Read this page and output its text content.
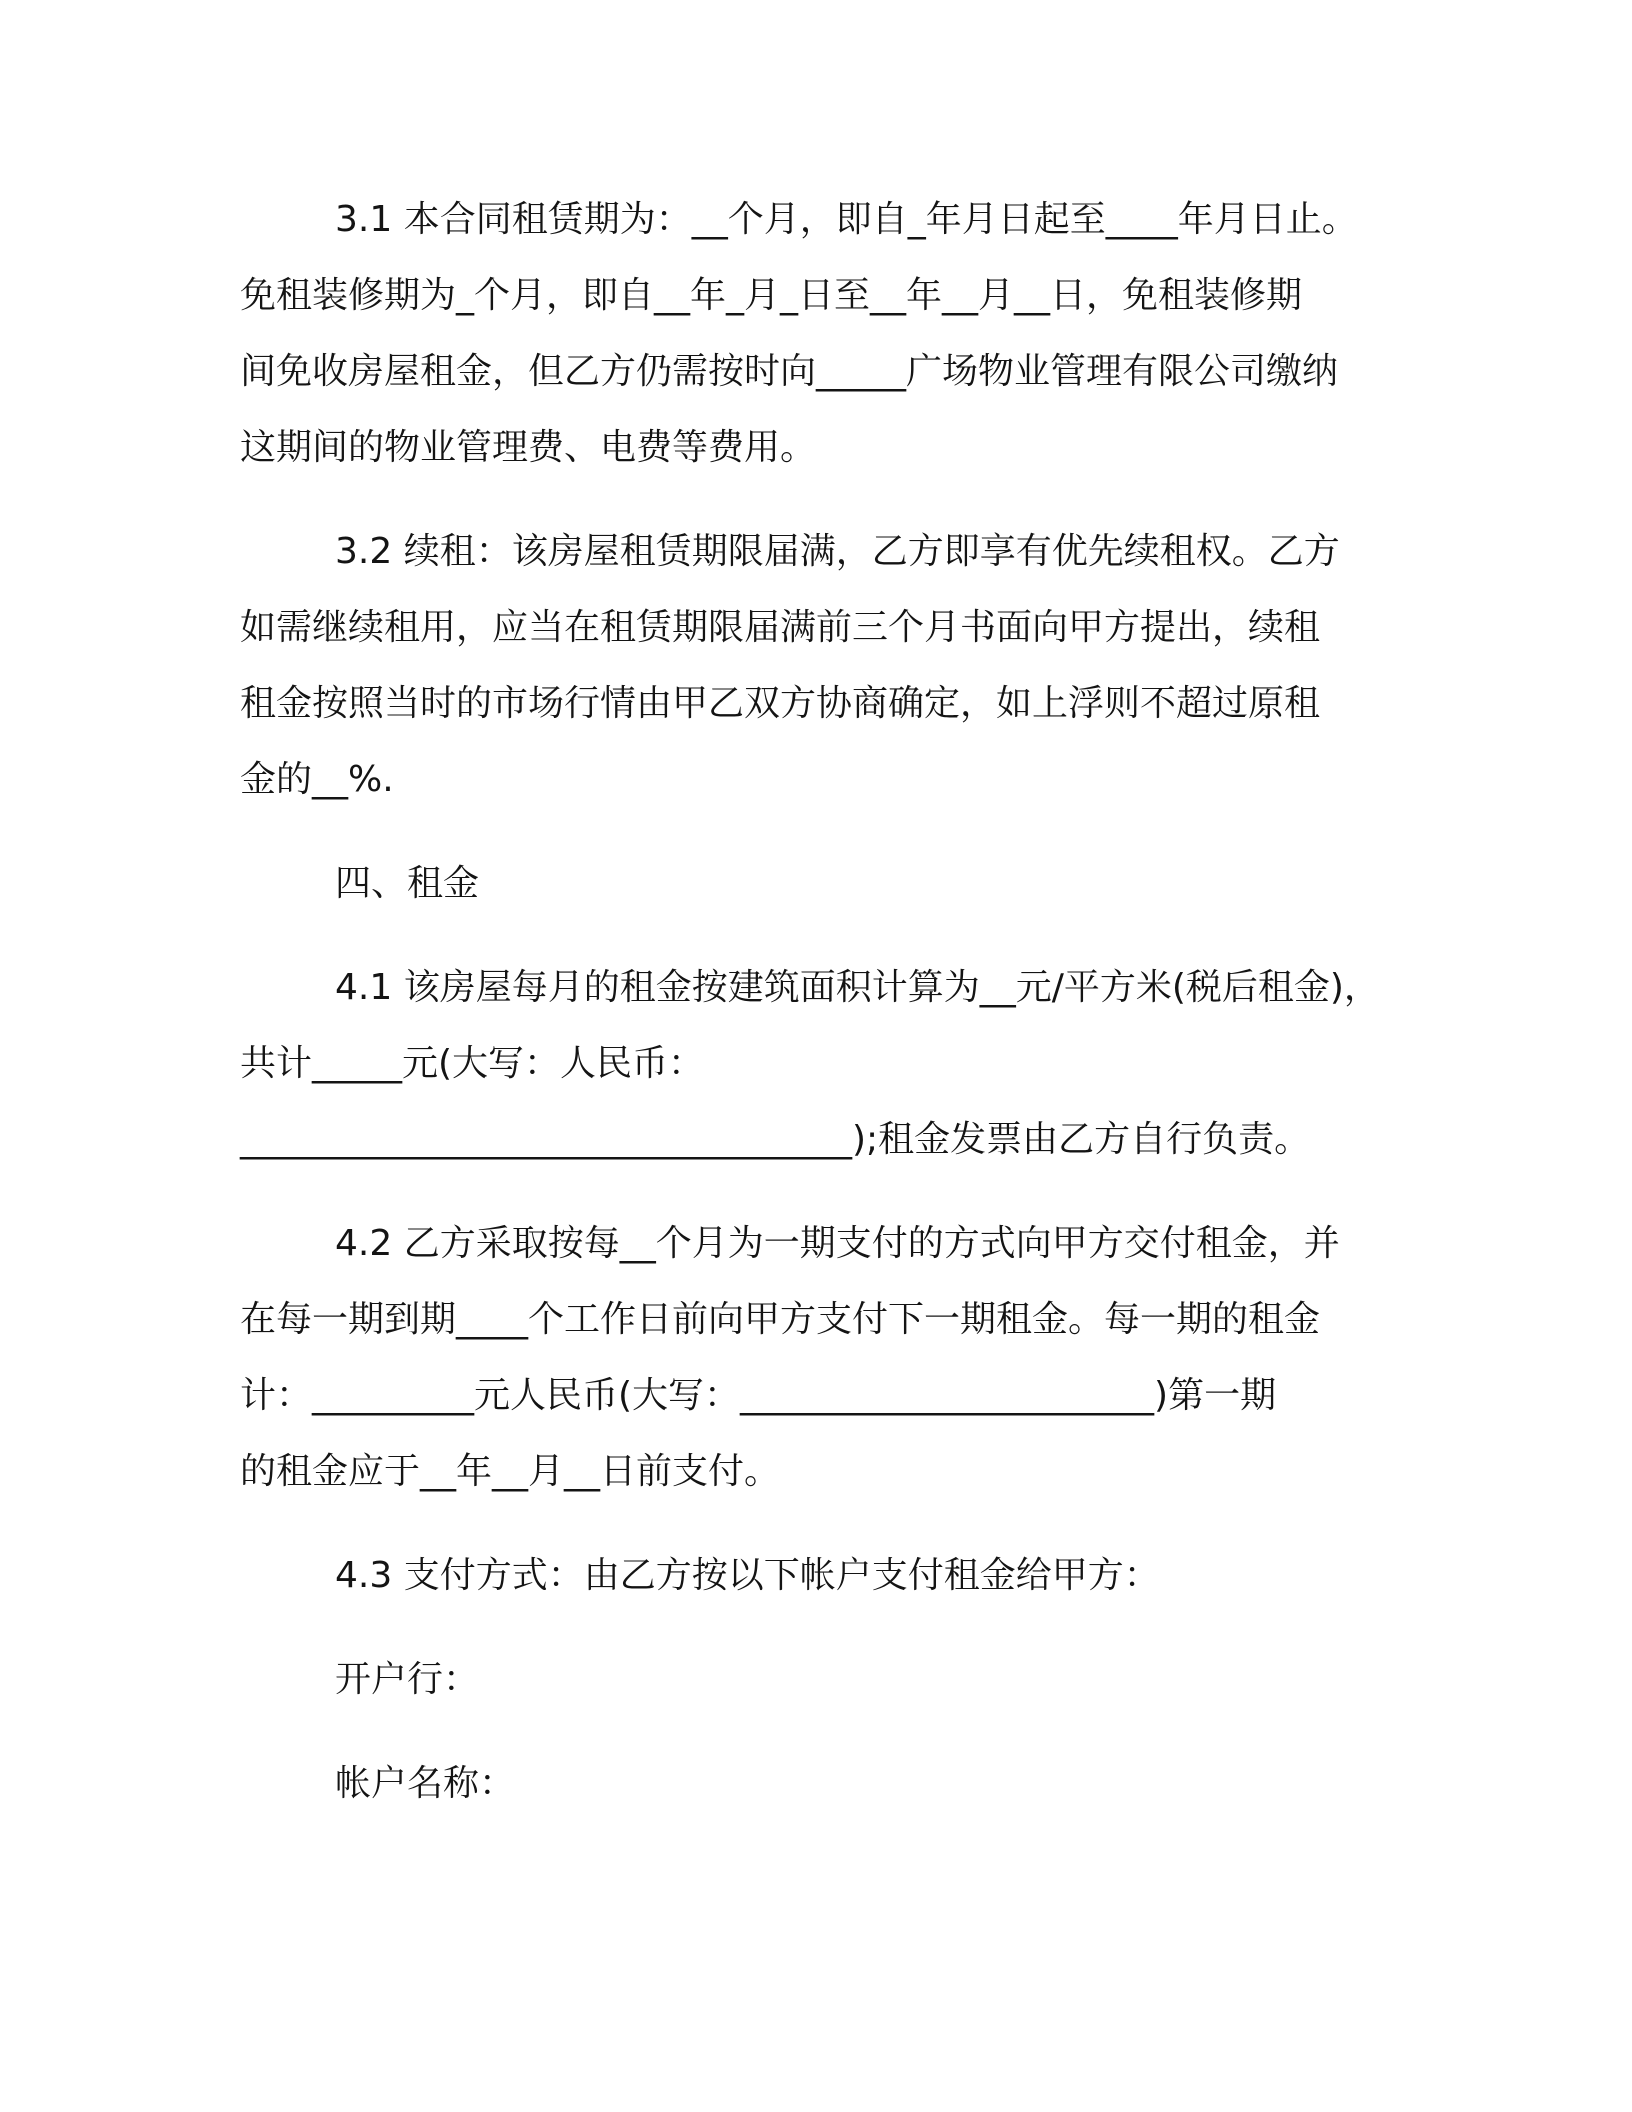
3.1 本合同租赁期为：__个月，即自_年月日起至____年月日止。

免租装修期为_个月，即自__年_月_日至__年__月__日，免租装修期

间免收房屋租金，但乙方仍需按时向_____广场物业管理有限公司缴纳

这期间的物业管理费、电费等费用。

3.2 续租：该房屋租赁期限届满，乙方即享有优先续租权。乙方

如需继续租用，应当在租赁期限届满前三个月书面向甲方提出，续租

租金按照当时的市场行情由甲乙双方协商确定，如上浮则不超过原租

金的__%.

四、租金

4.1 该房屋每月的租金按建筑面积计算为__元/平方米(税后租金)，

共计_____元(大写：人民币：

__________________________________);租金发票由乙方自行负责。

4.2 乙方采取按每__个月为一期支付的方式向甲方交付租金，并

在每一期到期____个工作日前向甲方支付下一期租金。每一期的租金

计：_________元人民币(大写：_______________________)第一期

的租金应于__年__月__日前支付。

4.3 支付方式：由乙方按以下帐户支付租金给甲方：

开户行：

帐户名称：
